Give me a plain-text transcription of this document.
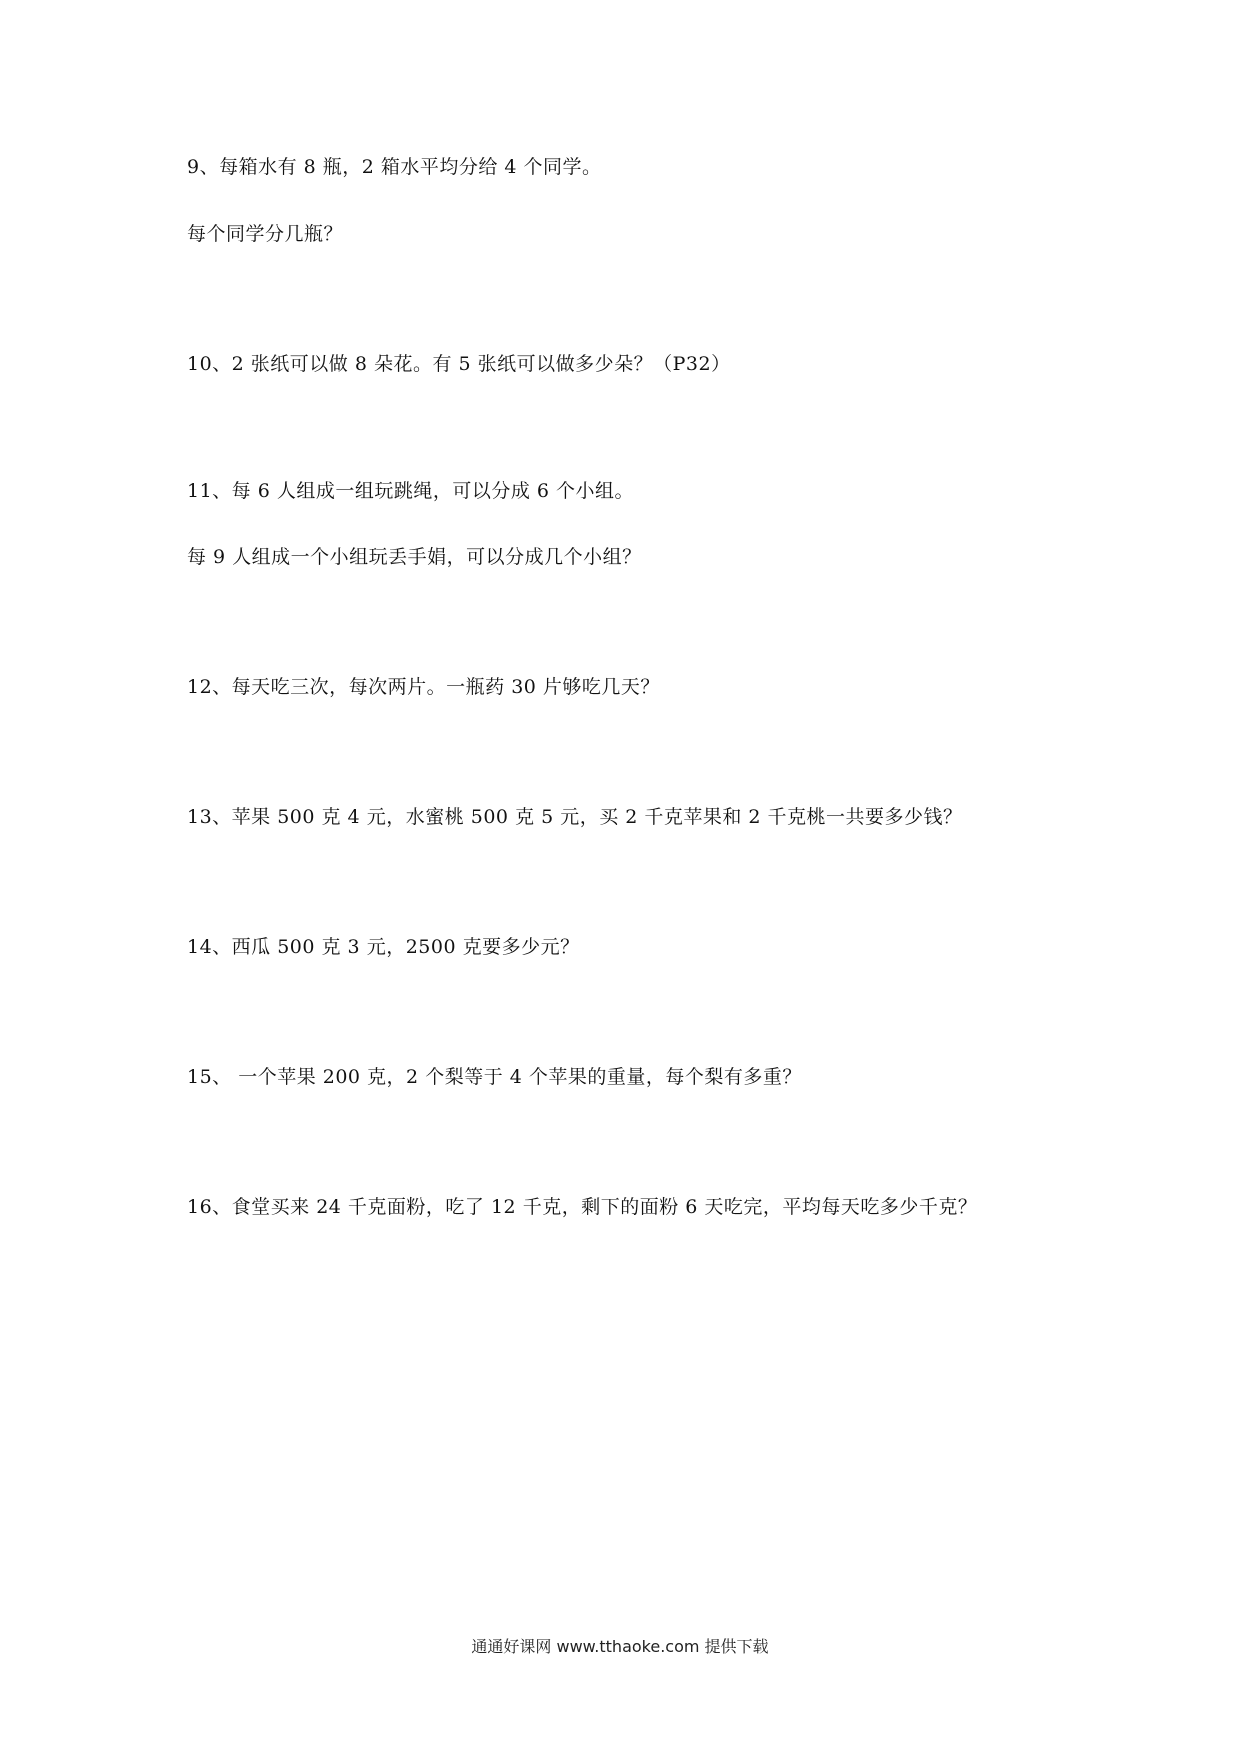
9、每箱水有 8 瓶，2 箱水平均分给 4 个同学。
每个同学分几瓶？
10、2 张纸可以做 8 朵花。有 5 张纸可以做多少朵？（P32）
11、每 6 人组成一组玩跳绳，可以分成 6 个小组。
每 9 人组成一个小组玩丢手娟，可以分成几个小组？
12、每天吃三次，每次两片。一瓶药 30 片够吃几天？
13、苹果 500 克 4 元，水蜜桃 500 克 5 元，买 2 千克苹果和 2 千克桃一共要多少钱？
14、西瓜 500 克 3 元，2500 克要多少元？
15、 一个苹果 200 克，2 个梨等于 4 个苹果的重量，每个梨有多重？
16、食堂买来 24 千克面粉，吃了 12 千克，剩下的面粉 6 天吃完，平均每天吃多少千克？
通通好课网 www.tthaoke.com 提供下载
